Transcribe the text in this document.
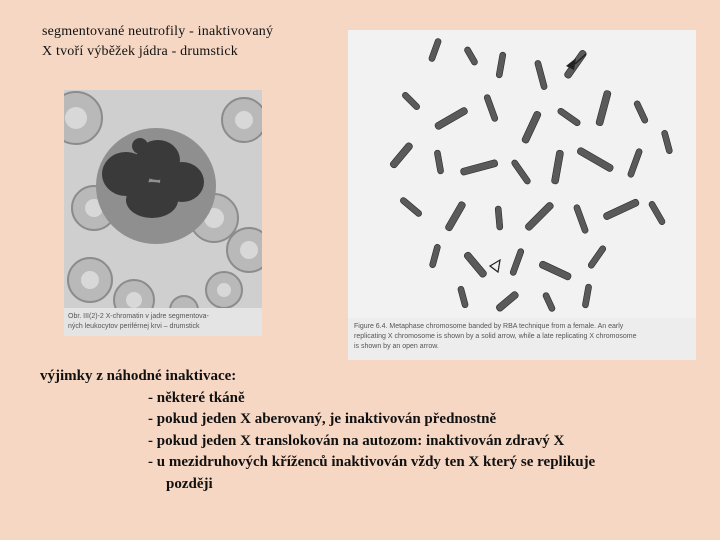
segmentované neutrofily - inaktivovaný
X tvoří výběžek jádra - drumstick
Obr. III(2)-2 X-chromatin v jadre segmentova-
ných leukocytov periférnej krvi – drumstick	Figure 6.4. Metaphase chromosome banded by RBA technique from a female. An early
replicating X chromosome is shown by a solid arrow, while a late replicating X chromosome
is shown by an open arrow.
výjimky z náhodné inaktivace:
- některé tkáně
- pokud jeden X aberovaný, je inaktivován přednostně
- pokud jeden X translokován na autozom: inaktivován zdravý X
- u mezidruhových kříženců inaktivován vždy ten X který se replikuje
později
